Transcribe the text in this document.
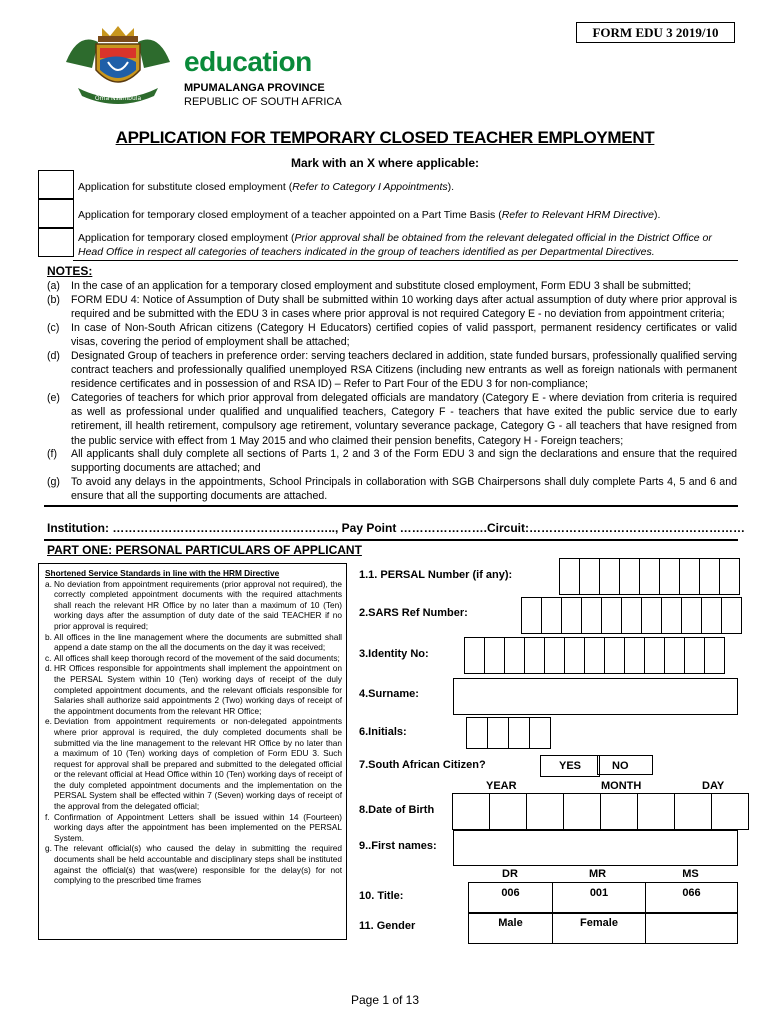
FORM EDU 3 2019/10
Oma Nsambula
education
MPUMALANGA PROVINCE
REPUBLIC OF SOUTH AFRICA
APPLICATION FOR TEMPORARY CLOSED TEACHER EMPLOYMENT
Mark with an X where applicable:
Application for substitute closed employment (Refer to Category I Appointments).
Application for temporary closed employment of a teacher appointed on a Part Time Basis (Refer to Relevant HRM Directive).
Application for temporary closed employment (Prior approval shall be obtained from the relevant delegated official in the District Office or Head Office in respect all categories of teachers indicated in the group of teachers identified as per Departmental Directives.
NOTES:
(a) In the case of an application for a temporary closed employment and substitute closed employment, Form EDU 3 shall be submitted;
(b) FORM EDU 4: Notice of Assumption of Duty shall be submitted within 10 working days after actual assumption of duty where prior approval is required and be submitted with the EDU 3 in cases where prior approval is not required Category E - no deviation from appointment criteria;
(c) In case of Non-South African citizens (Category H Educators) certified copies of valid passport, permanent residency certificates or valid visas, covering the period of employment shall be attached;
(d) Designated Group of teachers in preference order: serving teachers declared in addition, state funded bursars, professionally qualified serving contract teachers and professionally qualified unemployed RSA Citizens (including new entrants as well as foreign nationals with permanent residence certificates and in possession of and RSA ID) – Refer to Part Four of the EDU 3 for non-compliance;
(e) Categories of teachers for which prior approval from delegated officials are mandatory (Category E - where deviation from criteria is required as well as professional under qualified and unqualified teachers, Category F - teachers that have exited the public service due to early retirement, ill health retirement, compulsory age retirement, voluntary severance package, Category G - all teachers that have resigned from the public service with effect from 1 May 2015 and who claimed their pension benefits, Category H - Foreign teachers;
(f) All applicants shall duly complete all sections of Parts 1, 2 and 3 of the Form EDU 3 and sign the declarations and ensure that the required supporting documents are attached; and
(g) To avoid any delays in the appointments, School Principals in collaboration with SGB Chairpersons shall duly complete Parts 4, 5 and 6 and ensure that all the supporting documents are attached.
Institution: ……………………………………………….., Pay Point ………………….Circuit:………………………………………………
PART ONE: PERSONAL PARTICULARS OF APPLICANT
Shortened Service Standards in line with the HRM Directive
a. No deviation from appointment requirements (prior approval not required), the correctly completed appointment documents with the required attachments shall reach the relevant HR Office by no later than a maximum of 10 (Ten) working days after the assumption of duty date of the said TEACHER if no prior approval is required;
b. All offices in the line management where the documents are submitted shall append a date stamp on the all the documents on the day it was received;
c. All offices shall keep thorough record of the movement of the said documents;
d. HR Offices responsible for appointments shall implement the appointment on the PERSAL System within 10 (Ten) working days of receipt of the duly completed appointment documents, and the relevant officials responsible for Salaries shall authorize said appointments 2 (Two) working days of receipt of the appointment documents from the relevant HR Office;
e. Deviation from appointment requirements or non-delegated appointments where prior approval is required, the duly completed documents shall be submitted via the line management to the relevant HR Office by no later than a maximum of 10 (Ten) working days of completion of Form EDU 3. Such request for approval shall be prepared and submitted to the delegated official or the relevant official at Head Office within 10 (Ten) working days of receipt of the duly completed appointment documents and the implementation on the PERSAL System shall be effected within 7 (Seven) working days of receipt of the approval from the delegated official;
f. Confirmation of Appointment Letters shall be issued within 14 (Fourteen) working days after the appointment has been implemented on the PERSAL System.
g. The relevant official(s) who caused the delay in submitting the required documents shall be held accountable and disciplinary steps shall be instituted against the official(s) that was(were) responsible for the delay(s) for not complying to the prescribed time frames
1.1. PERSAL Number (if any):
2.SARS Ref Number:
3.Identity No:
4.Surname:
6.Initials:
7.South African Citizen?	YES	NO
YEAR	MONTH	DAY
8.Date of Birth
9..First names:
DR	MR	MS
10. Title:	006	001	066
11. Gender	Male	Female
Page 1 of 13
